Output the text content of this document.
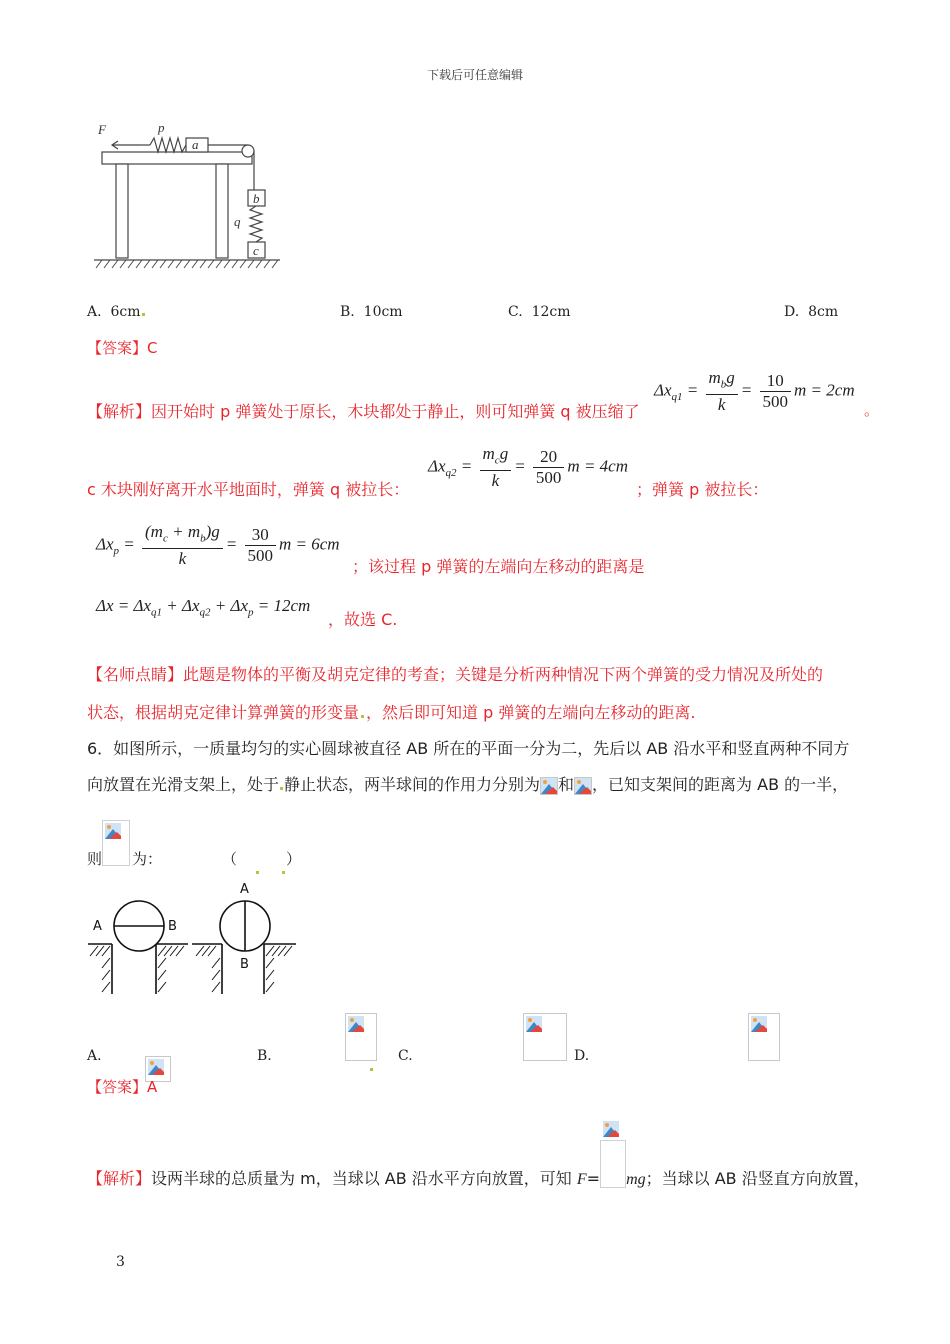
下载后可任意编辑
F	p
a
b
q
c
A. 6cm	B. 10cm	C. 12cm	D. 8cm
【答案】C
【解析】因开始时 p 弹簧处于原长，木块都处于静止，则可知弹簧 q 被压缩了
$\Delta x_{q1} = \frac{m_bg}{k} = \frac{10}{500}$ m = 2cm
。
c 木块刚好离开水平地面时，弹簧 q 被拉长：
$\Delta x_{q2} = \frac{m_cg}{k} = \frac{20}{500}$ m = 4cm
；弹簧 p 被拉长：
$\Delta x_p = \frac{(m_c + m_b)g}{k} = \frac{30}{500}$ m = 6cm
；该过程 p 弹簧的左端向左移动的距离是
$\Delta x = \Delta x_{q1} + \Delta x_{q2} + \Delta x_p = 12cm$
，故选 C.
【名师点睛】此题是物体的平衡及胡克定律的考查；关键是分析两种情况下两个弹簧的受力情况及所处的
状态，根据胡克定律计算弹簧的形变量 ，然后即可知道 p 弹簧的左端向左移动的距离.
6．如图所示，一质量均匀的实心圆球被直径 AB 所在的平面一分为二，先后以 AB 沿水平和竖直两种不同方
向放置在光滑支架上，处于 静止状态，两半球间的作用力分别为 和 ，已知支架间的距离为 AB 的一半，
则
为：	（	）
A	B
A
B
A.
	B.
	C.
	D.
【答案】A
【解析】设两半球的总质量为 m，当球以 AB 沿水平方向放置，可知 F= mg；当球以 AB 沿竖直方向放置，
3
